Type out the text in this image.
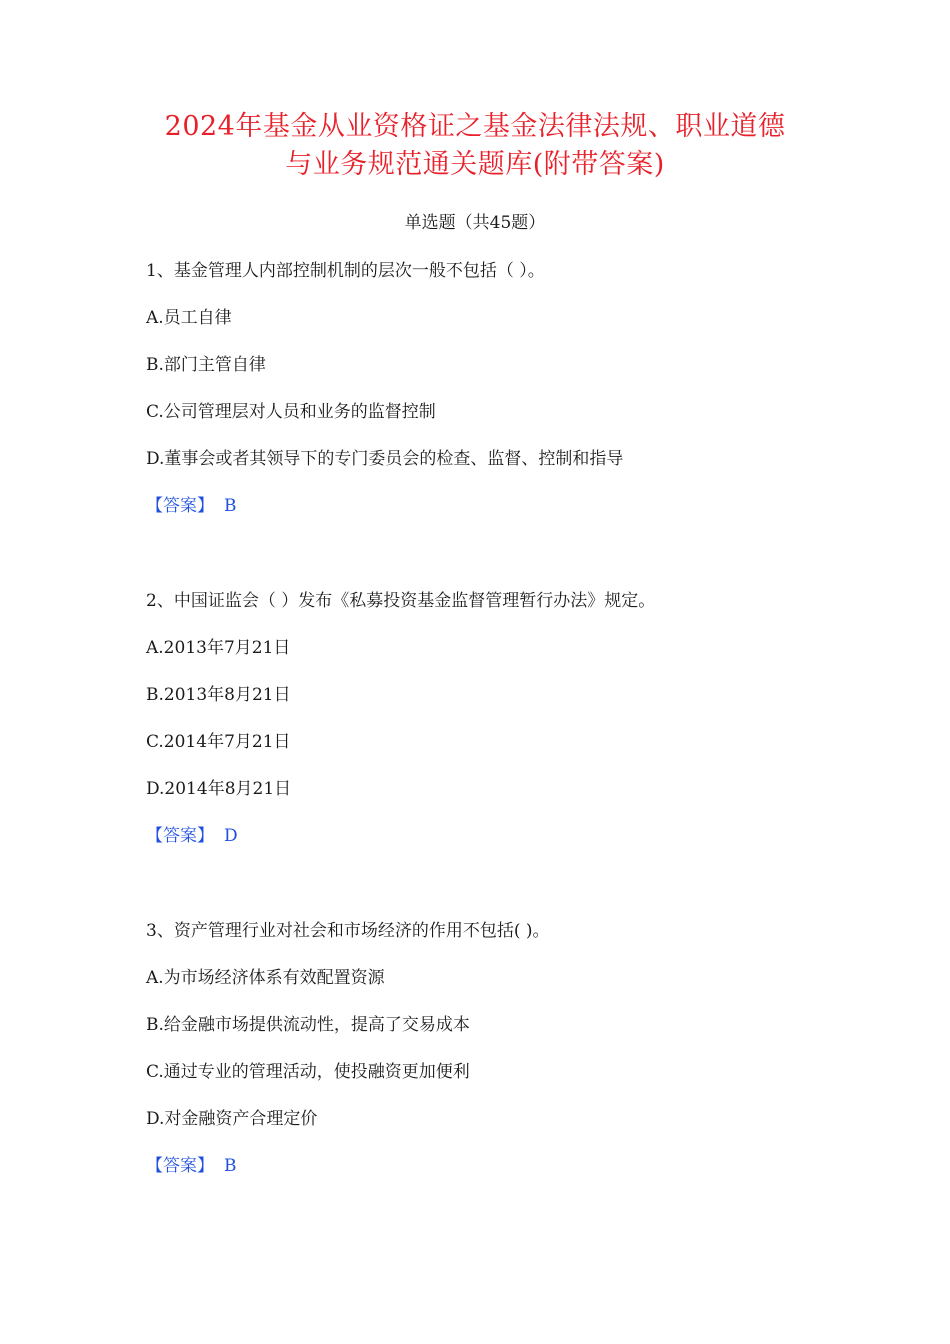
2024年基金从业资格证之基金法律法规、职业道德
与业务规范通关题库(附带答案)
单选题（共45题）
1、基金管理人内部控制机制的层次一般不包括（ ）。
A.员工自律
B.部门主管自律
C.公司管理层对人员和业务的监督控制
D.董事会或者其领导下的专门委员会的检查、监督、控制和指导
【答案】 B
2、中国证监会（ ）发布《私募投资基金监督管理暂行办法》规定。
A.2013年7月21日
B.2013年8月21日
C.2014年7月21日
D.2014年8月21日
【答案】 D
3、资产管理行业对社会和市场经济的作用不包括( )。
A.为市场经济体系有效配置资源
B.给金融市场提供流动性，提高了交易成本
C.通过专业的管理活动，使投融资更加便利
D.对金融资产合理定价
【答案】 B
